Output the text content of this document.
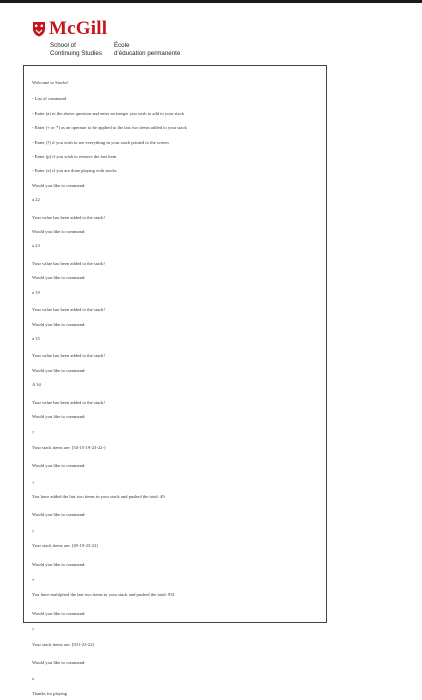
McGill
School of
Continuing Studies
École
d’éducation permanente

Welcome to Stacks!

- List of command

- Enter (a) to the above question and enter an integer you wish to add to your stack

- Enter (+ or *) as an operator to be applied to the last two items added to your stack

- Enter (?) if you wish to see everything in your stack printed to the screen

- Enter (p) if you wish to remove the last item

- Enter (x) if you are done playing with stacks

Would you like to command:

a 22

Your value has been added to the stack!

Would you like to command:

a 23

Your value has been added to the stack!

Would you like to command:

a 19

Your value has been added to the stack!

Would you like to command:

a 15

Your value has been added to the stack!

Would you like to command:

A 34

Your value has been added to the stack!

Would you like to command:

?

Your stack items are: [34-15-19-23-22-]

Would you like to command:

+

You have added the last two items in your stack and pushed the total: 49

Would you like to command:

?

Your stack items are: [49-19-23-22]

Would you like to command:

*

You have multiplied the last two items in your stack and pushed the total: 931

Would you like to command:

?

Your stack items are: [931-23-22]

Would you like to command:

x

Thanks for playing
